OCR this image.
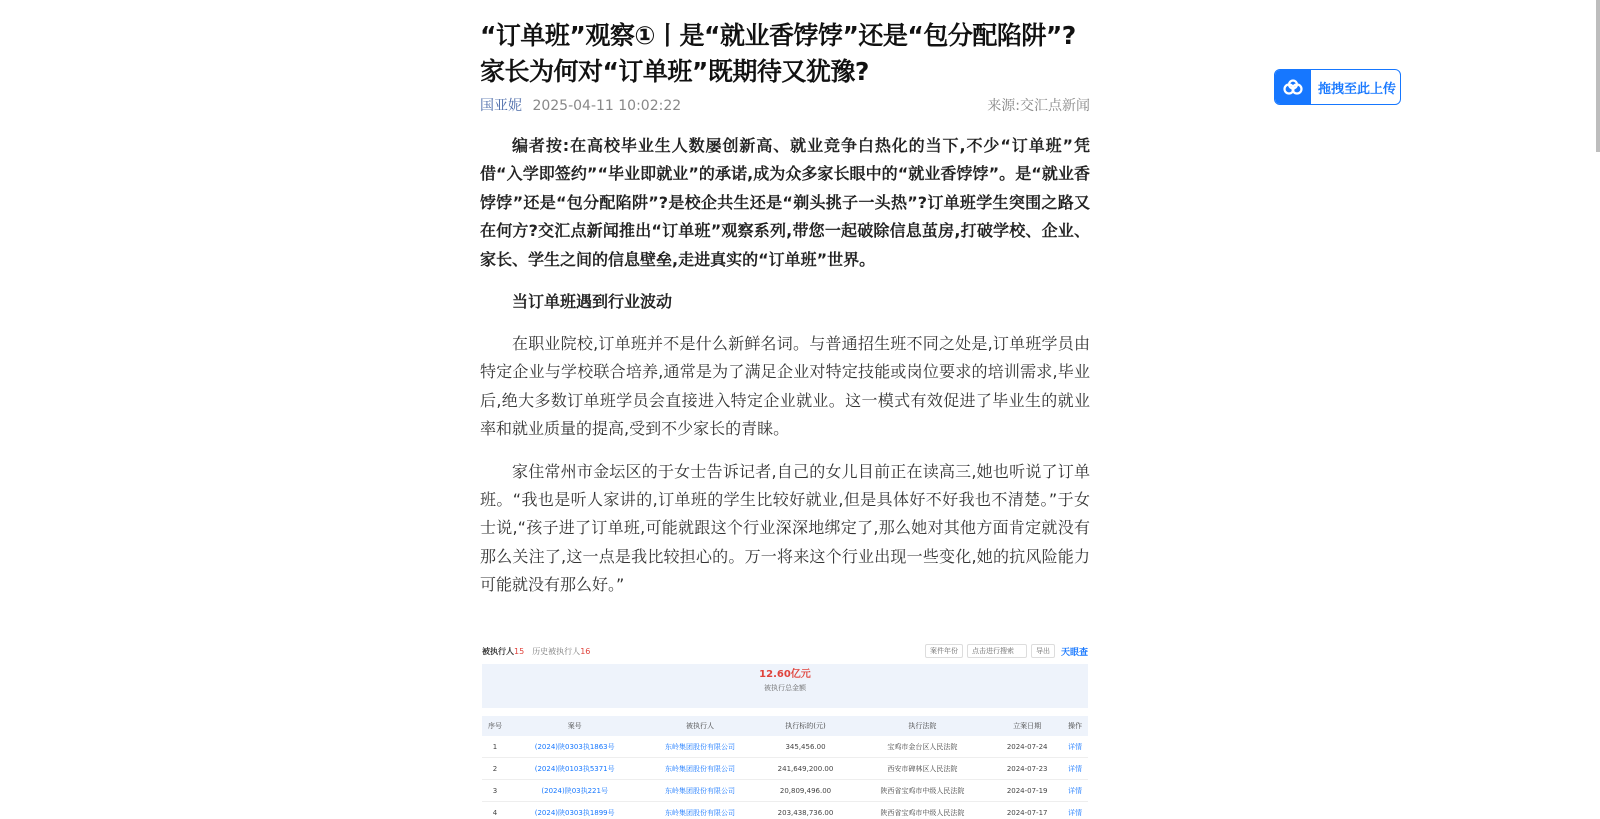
“订单班”观察①丨是“就业香饽饽”还是“包分配陷阱”?
家长为何对“订单班”既期待又犹豫?
国亚妮 2025-04-11 10:02:22	来源:交汇点新闻

编者按:在高校毕业生人数屡创新高、就业竞争白热化的当下,不少“订单班”凭借“入学即签约”“毕业即就业”的承诺,成为众多家长眼中的“就业香饽饽”。是“就业香饽饽”还是“包分配陷阱”?是校企共生还是“剃头挑子一头热”?订单班学生突围之路又在何方?交汇点新闻推出“订单班”观察系列,带您一起破除信息茧房,打破学校、企业、家长、学生之间的信息壁垒,走进真实的“订单班”世界。

当订单班遇到行业波动

在职业院校,订单班并不是什么新鲜名词。与普通招生班不同之处是,订单班学员由特定企业与学校联合培养,通常是为了满足企业对特定技能或岗位要求的培训需求,毕业后,绝大多数订单班学员会直接进入特定企业就业。这一模式有效促进了毕业生的就业率和就业质量的提高,受到不少家长的青睐。

家住常州市金坛区的于女士告诉记者,自己的女儿目前正在读高三,她也听说了订单班。“我也是听人家讲的,订单班的学生比较好就业,但是具体好不好我也不清楚。”于女士说,“孩子进了订单班,可能就跟这个行业深深地绑定了,那么她对其他方面肯定就没有那么关注了,这一点是我比较担心的。万一将来这个行业出现一些变化,她的抗风险能力可能就没有那么好。”

被执行人 15 历史被执行人 16	案件年份	点击进行搜索	导出	天眼查
12.60亿元
被执行总金额
序号	案号	被执行人	执行标的(元)	执行法院	立案日期	操作
1	(2024)陕0303执1863号	东岭集团股份有限公司	345,456.00	宝鸡市金台区人民法院	2024-07-24	详情
2	(2024)陕0103执5371号	东岭集团股份有限公司	241,649,200.00	西安市碑林区人民法院	2024-07-23	详情
3	(2024)陕03执221号	东岭集团股份有限公司	20,809,496.00	陕西省宝鸡市中级人民法院	2024-07-19	详情
4	(2024)陕0303执1899号	东岭集团股份有限公司	203,438,736.00	陕西省宝鸡市中级人民法院	2024-07-17	详情
拖拽至此上传
